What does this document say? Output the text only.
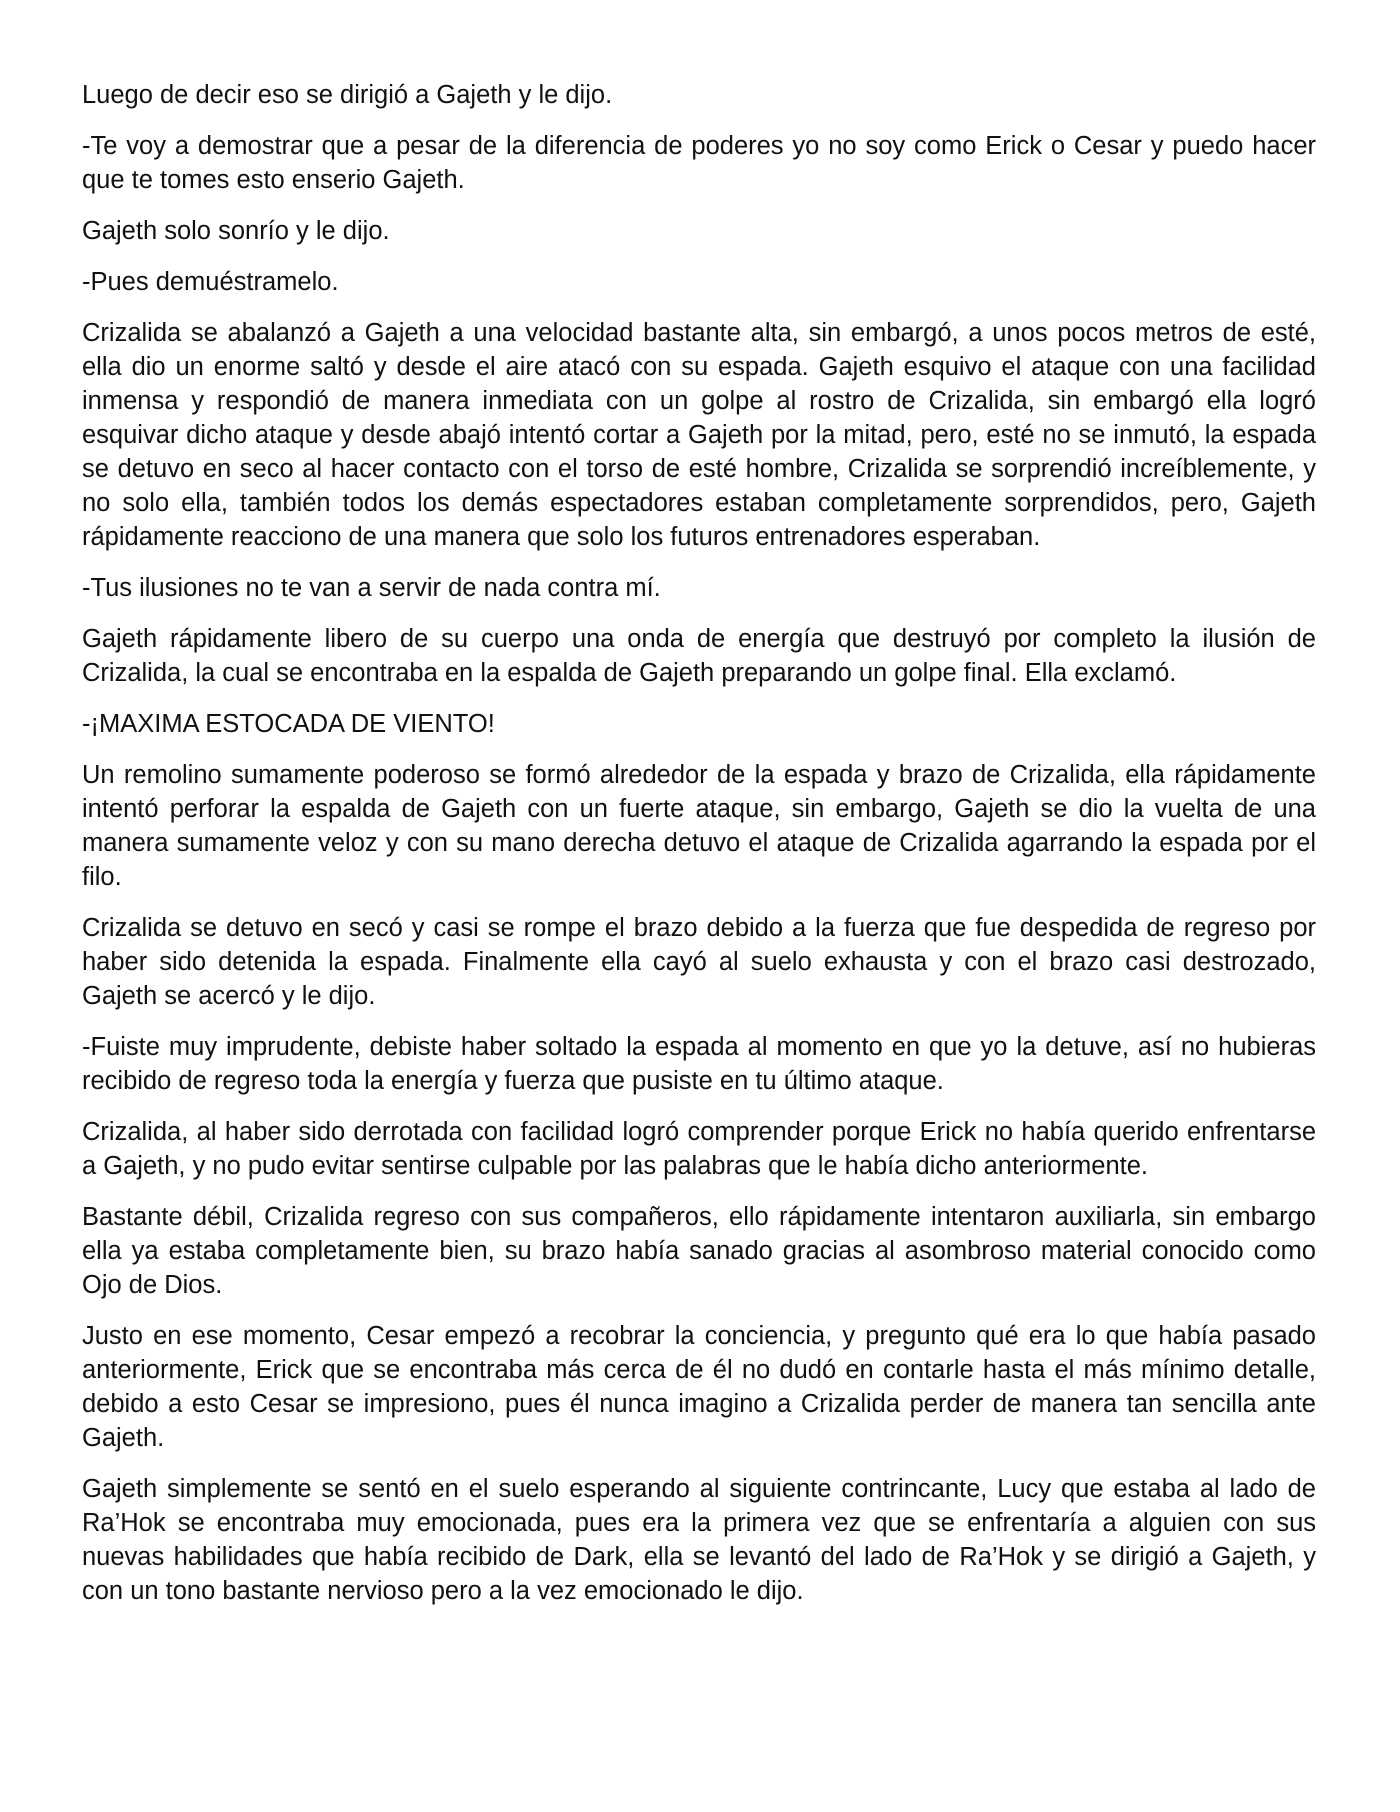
Luego de decir eso se dirigió a Gajeth y le dijo.

-Te voy a demostrar que a pesar de la diferencia de poderes yo no soy como Erick o Cesar y puedo hacer que te tomes esto enserio Gajeth.

Gajeth solo sonrío y le dijo.

-Pues demuéstramelo.

Crizalida se abalanzó a Gajeth a una velocidad bastante alta, sin embargó, a unos pocos metros de esté, ella dio un enorme saltó y desde el aire atacó con su espada. Gajeth esquivo el ataque con una facilidad inmensa y respondió de manera inmediata con un golpe al rostro de Crizalida, sin embargó ella logró esquivar dicho ataque y desde abajó intentó cortar a Gajeth por la mitad, pero, esté no se inmutó, la espada se detuvo en seco al hacer contacto con el torso de esté hombre, Crizalida se sorprendió increíblemente, y no solo ella, también todos los demás espectadores estaban completamente sorprendidos, pero, Gajeth rápidamente reacciono de una manera que solo los futuros entrenadores esperaban.

-Tus ilusiones no te van a servir de nada contra mí.

Gajeth rápidamente libero de su cuerpo una onda de energía que destruyó por completo la ilusión de Crizalida, la cual se encontraba en la espalda de Gajeth preparando un golpe final. Ella exclamó.

-¡MAXIMA ESTOCADA DE VIENTO!

Un remolino sumamente poderoso se formó alrededor de la espada y brazo de Crizalida, ella rápidamente intentó perforar la espalda de Gajeth con un fuerte ataque, sin embargo, Gajeth se dio la vuelta de una manera sumamente veloz y con su mano derecha detuvo el ataque de Crizalida agarrando la espada por el filo.

Crizalida se detuvo en secó y casi se rompe el brazo debido a la fuerza que fue despedida de regreso por haber sido detenida la espada. Finalmente ella cayó al suelo exhausta y con el brazo casi destrozado, Gajeth se acercó y le dijo.

-Fuiste muy imprudente, debiste haber soltado la espada al momento en que yo la detuve, así no hubieras recibido de regreso toda la energía y fuerza que pusiste en tu último ataque.

Crizalida, al haber sido derrotada con facilidad logró comprender porque Erick no había querido enfrentarse a Gajeth, y no pudo evitar sentirse culpable por las palabras que le había dicho anteriormente.

Bastante débil, Crizalida regreso con sus compañeros, ello rápidamente intentaron auxiliarla, sin embargo ella ya estaba completamente bien, su brazo había sanado gracias al asombroso material conocido como Ojo de Dios.

Justo en ese momento, Cesar empezó a recobrar la conciencia, y pregunto qué era lo que había pasado anteriormente, Erick que se encontraba más cerca de él no dudó en contarle hasta el más mínimo detalle, debido a esto Cesar se impresiono, pues él nunca imagino a Crizalida perder de manera tan sencilla ante Gajeth.

Gajeth simplemente se sentó en el suelo esperando al siguiente contrincante, Lucy que estaba al lado de Ra’Hok se encontraba muy emocionada, pues era la primera vez que se enfrentaría a alguien con sus nuevas habilidades que había recibido de Dark, ella se levantó del lado de Ra’Hok y se dirigió a Gajeth, y con un tono bastante nervioso pero a la vez emocionado le dijo.
